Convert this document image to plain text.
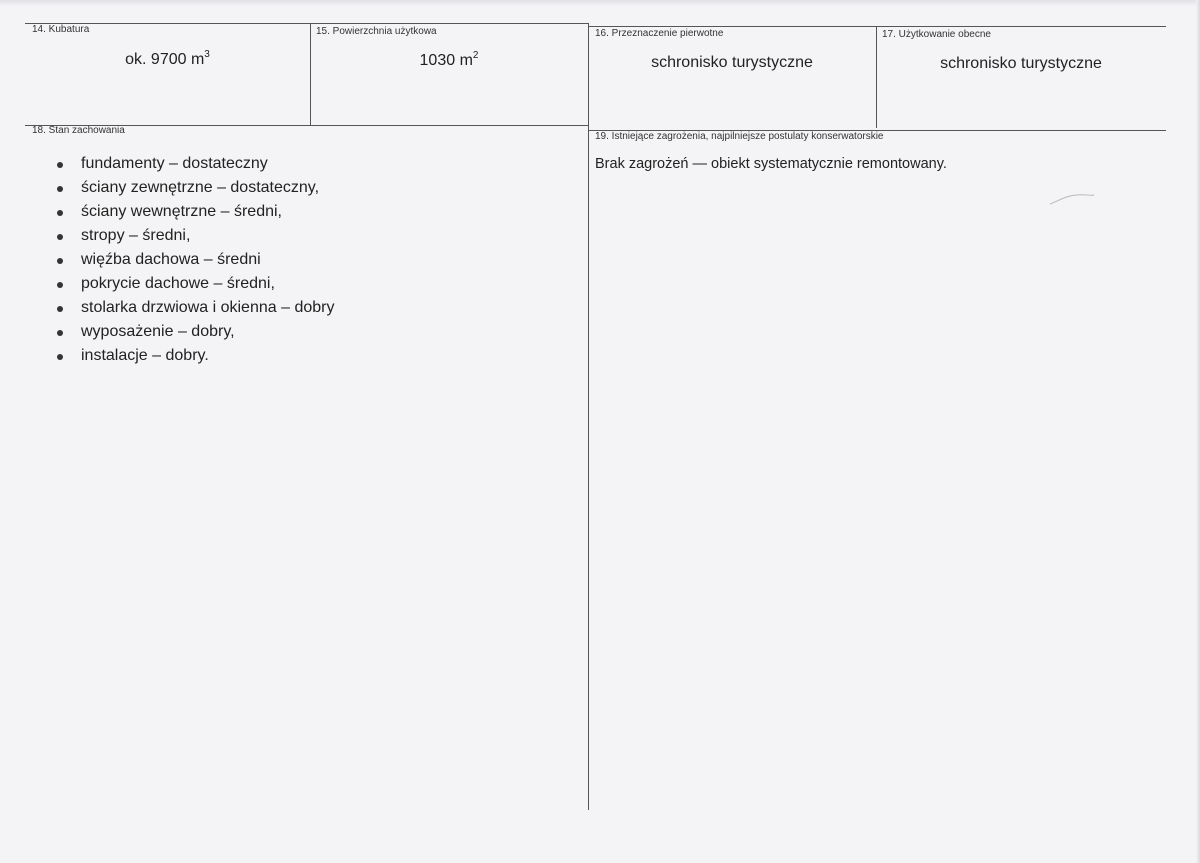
14. Kubatura
ok. 9700 $m^3$
15. Powierzchnia użytkowa
1030 $m^2$
16. Przeznaczenie pierwotne
schronisko turystyczne
17. Użytkowanie obecne
schronisko turystyczne
18. Stan zachowania
fundamenty – dostateczny
ściany zewnętrzne – dostateczny,
ściany wewnętrzne – średni,
stropy – średni,
więźba dachowa – średni
pokrycie dachowe – średni,
stolarka drzwiowa i okienna – dobry
wyposażenie – dobry,
instalacje – dobry.
19. Istniejące zagrożenia, najpilniejsze postulaty konserwatorskie
Brak zagrożeń — obiekt systematycznie remontowany.
